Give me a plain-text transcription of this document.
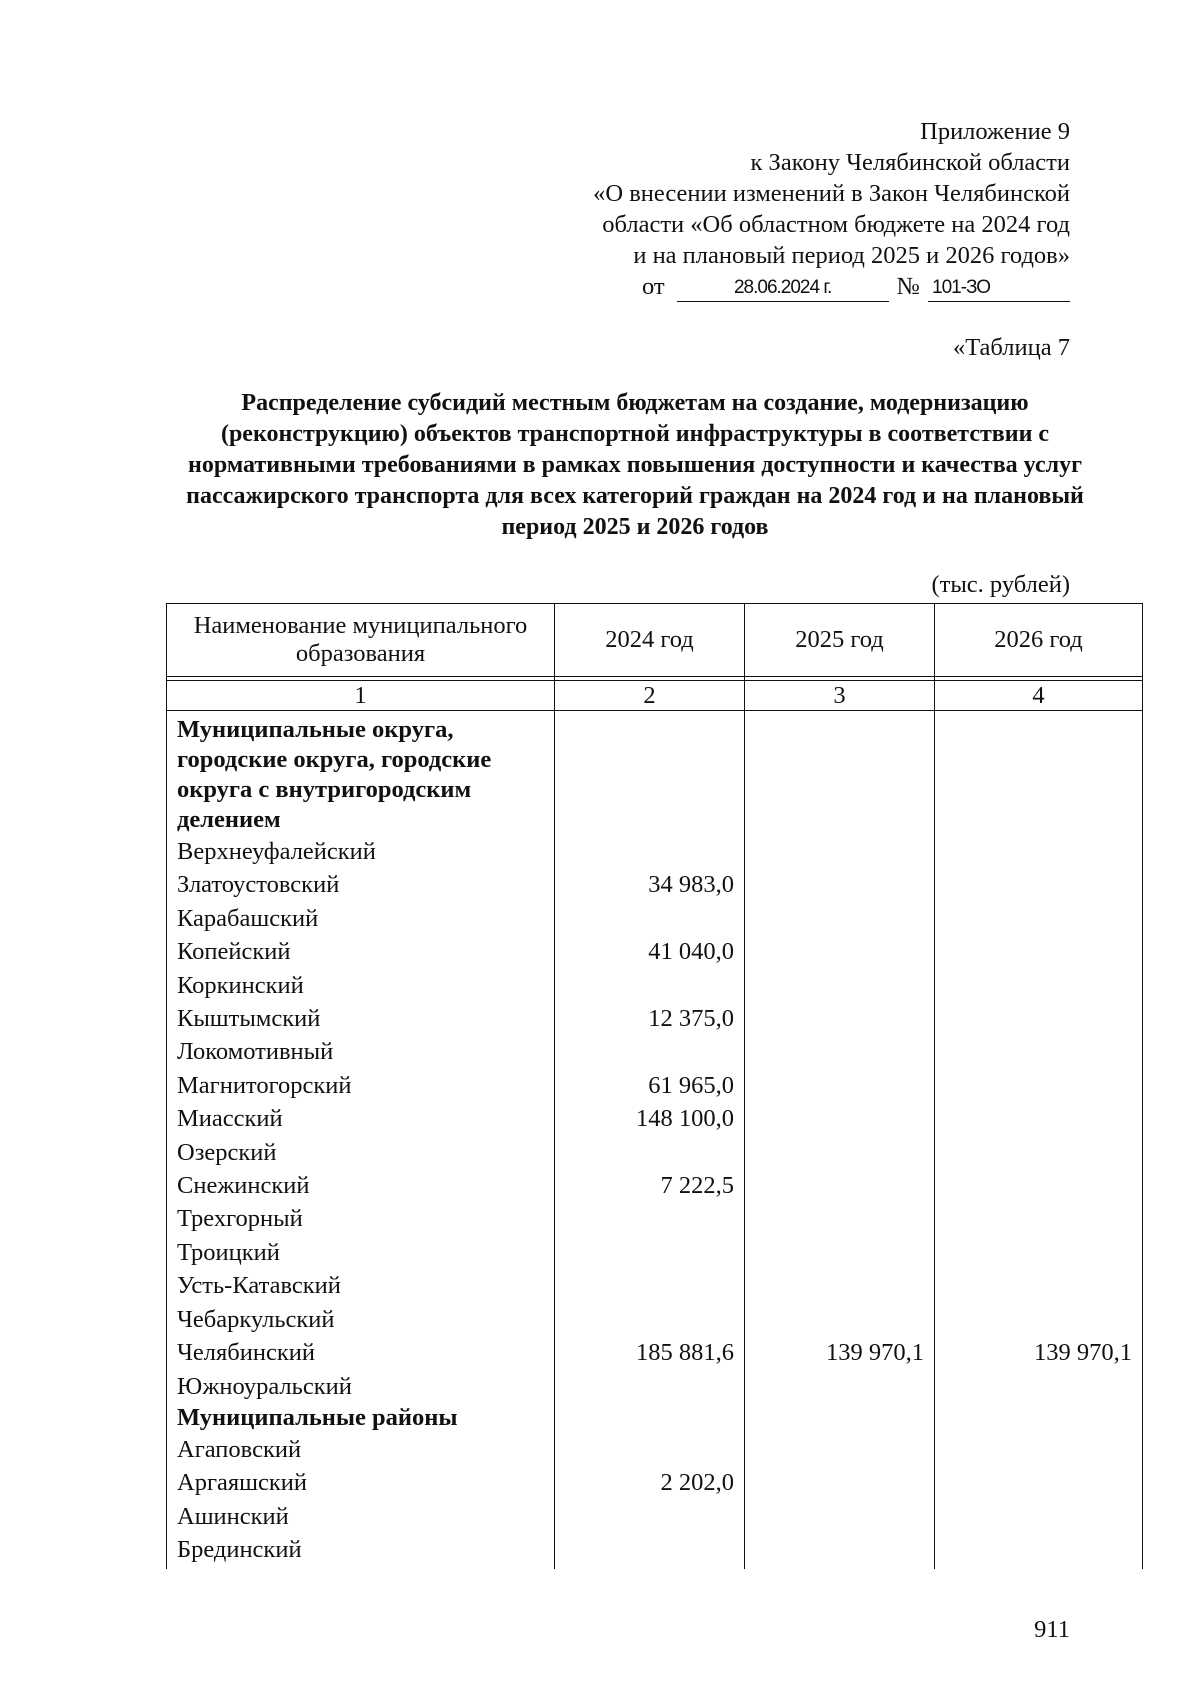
Приложение 9
к Закону Челябинской области
«О внесении изменений в Закон Челябинской
области «Об областном бюджете на 2024 год
и на плановый период 2025 и 2026 годов»
от	28.06.2024 г.	№ 101-ЗО
«Таблица 7
Распределение субсидий местным бюджетам на создание, модернизацию (реконструкцию) объектов транспортной инфраструктуры в соответствии с нормативными требованиями в рамках повышения доступности и качества услуг пассажирского транспорта для всех категорий граждан на 2024 год и на плановый период 2025 и 2026 годов
(тыс. рублей)
Наименование муниципального образования	2024 год	2025 год	2026 год

1	2	3	4
Муниципальные округа, городские округа, городские округа с внутригородским делением			
Верхнеуфалейский			
Златоустовский	34 983,0		
Карабашский			
Копейский	41 040,0		
Коркинский			
Кыштымский	12 375,0		
Локомотивный			
Магнитогорский	61 965,0		
Миасский	148 100,0		
Озерский			
Снежинский	7 222,5		
Трехгорный			
Троицкий			
Усть-Катавский			
Чебаркульский			
Челябинский	185 881,6	139 970,1	139 970,1
Южноуральский			
Муниципальные районы			
Агаповский			
Аргаяшский	2 202,0		
Ашинский			
Брединский			

911
